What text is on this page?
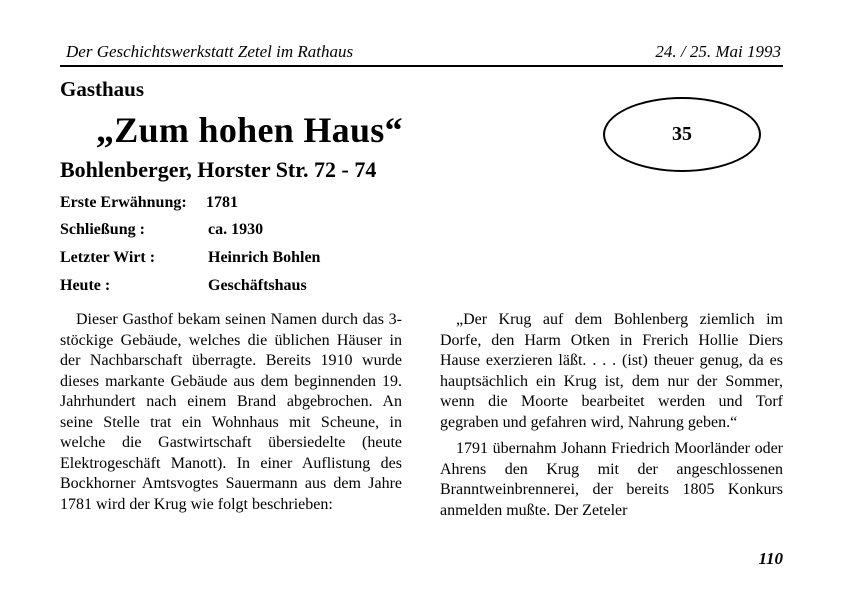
Der Geschichtswerkstatt Zetel im Rathaus	24. / 25. Mai 1993
Gasthaus
„Zum hohen Haus“
Bohlenberger, Horster Str. 72 - 74
35
Erste Erwähnung: 1781
Schließung :	ca. 1930
Letzter Wirt :	Heinrich Bohlen
Heute :	Geschäftshaus

Dieser Gasthof bekam seinen Namen durch das 3-stöckige Gebäude, welches die üblichen Häuser in der Nachbarschaft überragte. Bereits 1910 wurde dieses markante Gebäude aus dem beginnenden 19. Jahrhundert nach einem Brand abgebrochen. An seine Stelle trat ein Wohnhaus mit Scheune, in welche die Gastwirtschaft übersiedelte (heute Elektrogeschäft Manott). In einer Auflistung des Bockhorner Amtsvogtes Sauermann aus dem Jahre 1781 wird der Krug wie folgt beschrieben:

„Der Krug auf dem Bohlenberg ziemlich im Dorfe, den Harm Otken in Frerich Hollie Diers Hause exerzieren läßt. . . . (ist) theuer genug, da es hauptsächlich ein Krug ist, dem nur der Sommer, wenn die Moorte bearbeitet werden und Torf gegraben und gefahren wird, Nahrung geben.“

1791 übernahm Johann Friedrich Moorländer oder Ahrens den Krug mit der angeschlossenen Branntweinbrennerei, der bereits 1805 Konkurs anmelden mußte. Der Zeteler

110
